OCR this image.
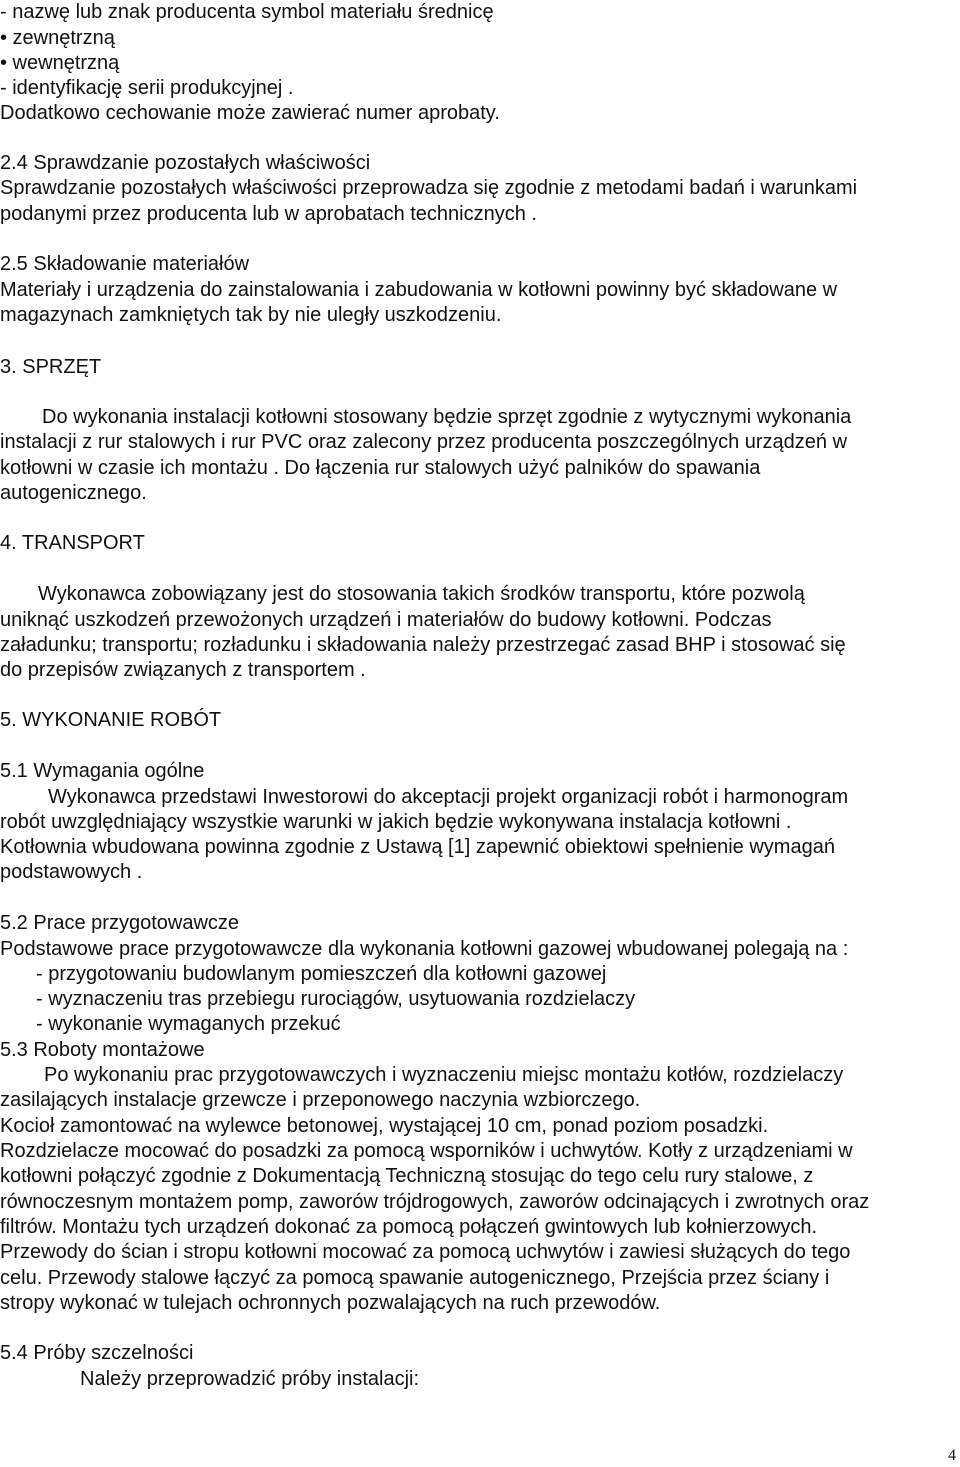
- nazwę lub znak producenta symbol materiału średnicę
• zewnętrzną
• wewnętrzną
- identyfikację serii produkcyjnej .
Dodatkowo cechowanie może zawierać numer aprobaty.
2.4 Sprawdzanie pozostałych właściwości
Sprawdzanie pozostałych właściwości przeprowadza się zgodnie z metodami badań i warunkami
podanymi przez producenta lub w aprobatach technicznych .
2.5 Składowanie materiałów
Materiały i urządzenia do zainstalowania i zabudowania w kotłowni powinny być składowane w
magazynach zamkniętych tak by nie uległy uszkodzeniu.
3. SPRZĘT
Do wykonania instalacji kotłowni stosowany będzie sprzęt zgodnie z wytycznymi wykonania
instalacji z rur stalowych i rur PVC oraz zalecony przez producenta poszczególnych urządzeń w
kotłowni w czasie ich montażu . Do łączenia rur stalowych użyć palników do spawania
autogenicznego.
4. TRANSPORT
Wykonawca zobowiązany jest do stosowania takich środków transportu, które pozwolą
uniknąć uszkodzeń przewożonych urządzeń i materiałów do budowy kotłowni. Podczas
załadunku; transportu; rozładunku i składowania należy przestrzegać zasad BHP i stosować się
do przepisów związanych z transportem .
5. WYKONANIE ROBÓT
5.1 Wymagania ogólne
Wykonawca przedstawi Inwestorowi do akceptacji projekt organizacji robót i harmonogram
robót uwzględniający wszystkie warunki w jakich będzie wykonywana instalacja kotłowni .
Kotłownia wbudowana powinna zgodnie z Ustawą [1] zapewnić obiektowi spełnienie wymagań
podstawowych .
5.2 Prace przygotowawcze
Podstawowe prace przygotowawcze dla wykonania kotłowni gazowej wbudowanej polegają na :
- przygotowaniu budowlanym pomieszczeń dla kotłowni gazowej
- wyznaczeniu tras przebiegu rurociągów, usytuowania rozdzielaczy
- wykonanie wymaganych przekuć
5.3 Roboty montażowe
Po wykonaniu prac przygotowawczych i wyznaczeniu miejsc montażu kotłów, rozdzielaczy
zasilających instalacje grzewcze i przeponowego naczynia wzbiorczego.
Kocioł zamontować na wylewce betonowej, wystającej 10 cm, ponad poziom posadzki.
Rozdzielacze mocować do posadzki za pomocą wsporników i uchwytów. Kotły z urządzeniami w
kotłowni połączyć zgodnie z Dokumentacją Techniczną stosując do tego celu rury stalowe, z
równoczesnym montażem pomp, zaworów trójdrogowych, zaworów odcinających i zwrotnych oraz
filtrów. Montażu tych urządzeń dokonać za pomocą połączeń gwintowych lub kołnierzowych.
Przewody do ścian i stropu kotłowni mocować za pomocą uchwytów i zawiesi służących do tego
celu. Przewody stalowe łączyć za pomocą spawanie autogenicznego, Przejścia przez ściany i
stropy wykonać w tulejach ochronnych pozwalających na ruch przewodów.
5.4 Próby szczelności
Należy przeprowadzić próby instalacji:
4
